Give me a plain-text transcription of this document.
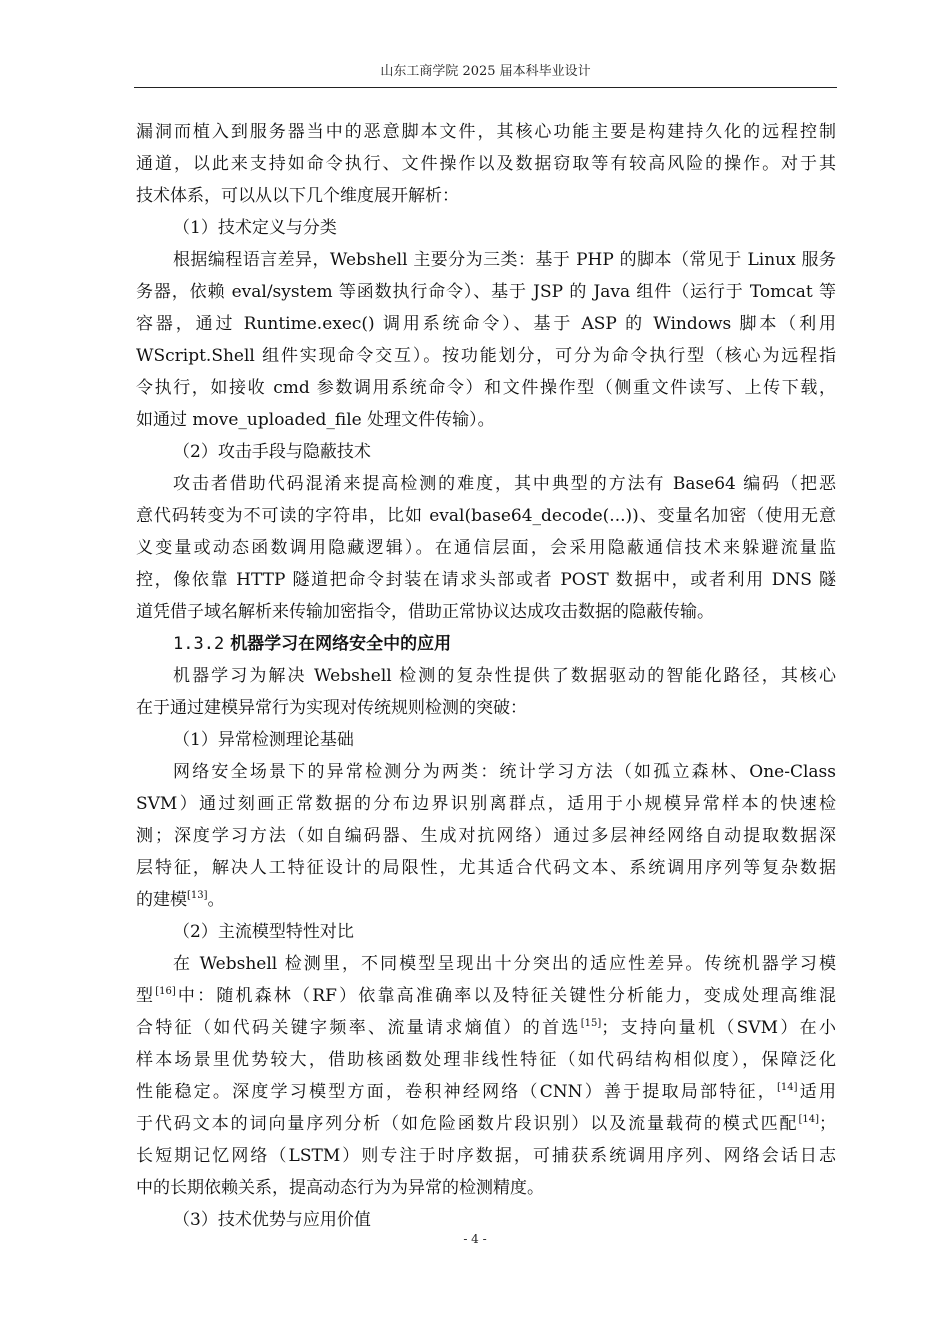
山东工商学院 2025 届本科毕业设计
漏洞而植入到服务器当中的恶意脚本文件，其核心功能主要是构建持久化的远程控制
通道，以此来支持如命令执行、文件操作以及数据窃取等有较高风险的操作。对于其
技术体系，可以从以下几个维度展开解析：
（1）技术定义与分类
根据编程语言差异，Webshell 主要分为三类：基于 PHP 的脚本（常见于 Linux 服务
务器，依赖 eval/system 等函数执行命令）、基于 JSP 的 Java 组件（运行于 Tomcat 等
容器，通过 Runtime.exec() 调用系统命令）、基于 ASP 的 Windows 脚本（利用
WScript.Shell 组件实现命令交互）。按功能划分，可分为命令执行型（核心为远程指
令执行，如接收 cmd 参数调用系统命令）和文件操作型（侧重文件读写、上传下载，
如通过 move_uploaded_file 处理文件传输）。
（2）攻击手段与隐蔽技术
攻击者借助代码混淆来提高检测的难度，其中典型的方法有 Base64 编码（把恶
意代码转变为不可读的字符串，比如 eval(base64_decode(...))、变量名加密（使用无意
义变量或动态函数调用隐藏逻辑）。在通信层面，会采用隐蔽通信技术来躲避流量监
控，像依靠 HTTP 隧道把命令封装在请求头部或者 POST 数据中，或者利用 DNS 隧
道凭借子域名解析来传输加密指令，借助正常协议达成攻击数据的隐蔽传输。
1.3.2 机器学习在网络安全中的应用
机器学习为解决 Webshell 检测的复杂性提供了数据驱动的智能化路径，其核心
在于通过建模异常行为实现对传统规则检测的突破：
（1）异常检测理论基础
网络安全场景下的异常检测分为两类：统计学习方法（如孤立森林、One-Class
SVM）通过刻画正常数据的分布边界识别离群点，适用于小规模异常样本的快速检
测；深度学习方法（如自编码器、生成对抗网络）通过多层神经网络自动提取数据深
层特征，解决人工特征设计的局限性，尤其适合代码文本、系统调用序列等复杂数据
的建模[13]。
（2）主流模型特性对比
在 Webshell 检测里，不同模型呈现出十分突出的适应性差异。传统机器学习模
型[16]中：随机森林（RF）依靠高准确率以及特征关键性分析能力，变成处理高维混
合特征（如代码关键字频率、流量请求熵值）的首选[15]；支持向量机（SVM）在小
样本场景里优势较大，借助核函数处理非线性特征（如代码结构相似度），保障泛化
性能稳定。深度学习模型方面，卷积神经网络（CNN）善于提取局部特征，[14]适用
于代码文本的词向量序列分析（如危险函数片段识别）以及流量载荷的模式匹配[14]；
长短期记忆网络（LSTM）则专注于时序数据，可捕获系统调用序列、网络会话日志
中的长期依赖关系，提高动态行为为异常的检测精度。
（3）技术优势与应用价值
- 4 -
